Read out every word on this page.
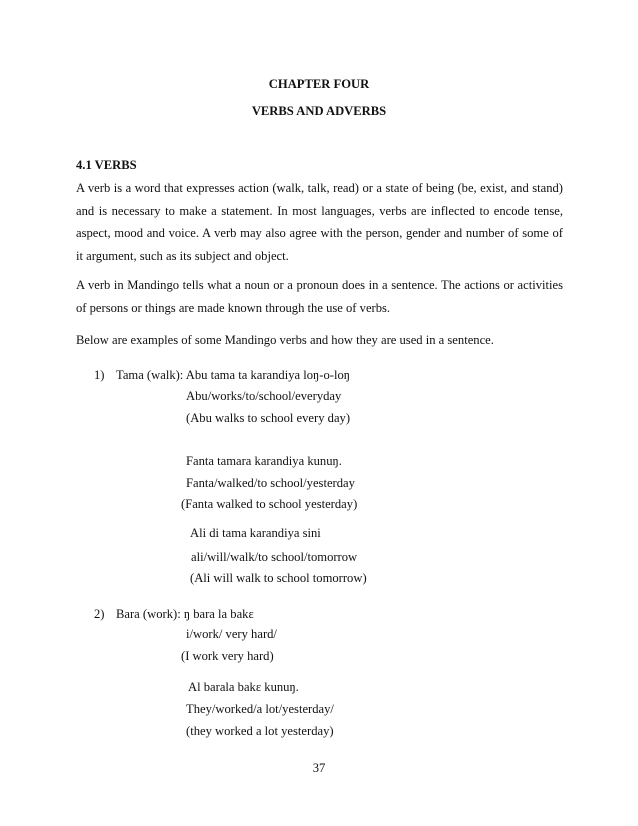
CHAPTER FOUR
VERBS AND ADVERBS
4.1 VERBS
A verb is a word that expresses action (walk, talk, read) or a state of being (be, exist, and stand) and is necessary to make a statement. In most languages, verbs are inflected to encode tense, aspect, mood and voice. A verb may also agree with the person, gender and number of some of it argument, such as its subject and object.
A verb in Mandingo tells what a noun or a pronoun does in a sentence. The actions or activities of persons or things are made known through the use of verbs.
Below are examples of some Mandingo verbs and how they are used in a sentence.
1) Tama (walk): Abu tama ta karandiya loŋ-o-loŋ
Abu/works/to/school/everyday
(Abu walks to school every day)
Fanta tamara karandiya kunuŋ.
Fanta/walked/to school/yesterday
(Fanta walked to school yesterday)
Ali di tama karandiya sini
ali/will/walk/to school/tomorrow
(Ali will walk to school tomorrow)
2) Bara (work): ŋ bara la bakɛ
i/work/ very hard/
(I work very hard)
Al barala bakɛ kunuŋ.
They/worked/a lot/yesterday/
(they worked a lot yesterday)
37
